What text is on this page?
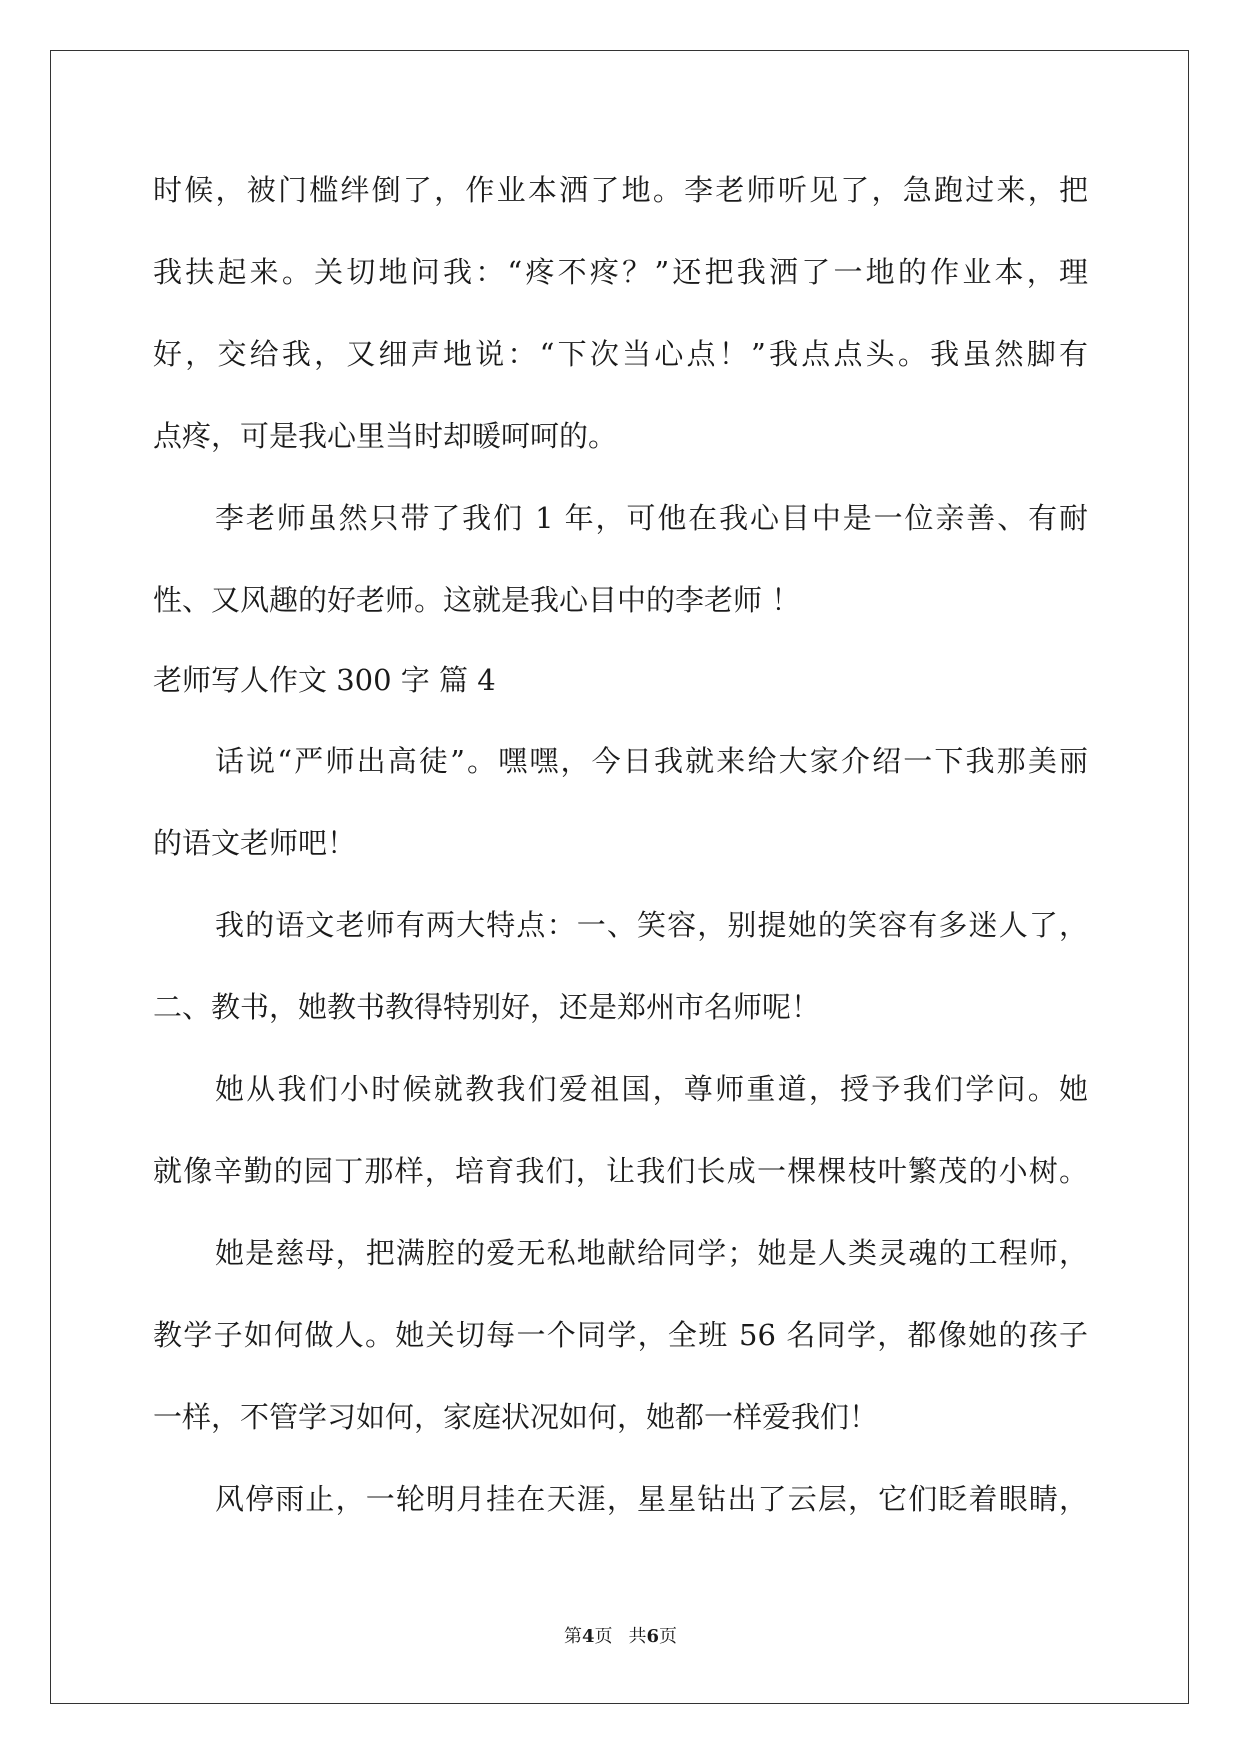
时候，被门槛绊倒了，作业本洒了地。李老师听见了，急跑过来，把
我扶起来。关切地问我：“疼不疼？”还把我洒了一地的作业本，理
好，交给我，又细声地说：“下次当心点！”我点点头。我虽然脚有
点疼，可是我心里当时却暖呵呵的。
李老师虽然只带了我们 1 年，可他在我心目中是一位亲善、有耐
性、又风趣的好老师。这就是我心目中的李老师 ！
老师写人作文 300 字 篇 4
话说“严师出高徒”。嘿嘿，今日我就来给大家介绍一下我那美丽
的语文老师吧！
我的语文老师有两大特点：一、笑容，别提她的笑容有多迷人了，
二、教书，她教书教得特别好，还是郑州市名师呢！
她从我们小时候就教我们爱祖国，尊师重道，授予我们学问。她
就像辛勤的园丁那样，培育我们，让我们长成一棵棵枝叶繁茂的小树。
她是慈母，把满腔的爱无私地献给同学；她是人类灵魂的工程师，
教学子如何做人。她关切每一个同学，全班 56 名同学，都像她的孩子
一样，不管学习如何，家庭状况如何，她都一样爱我们！
风停雨止，一轮明月挂在天涯，星星钻出了云层，它们眨着眼睛，
第4页 共6页
